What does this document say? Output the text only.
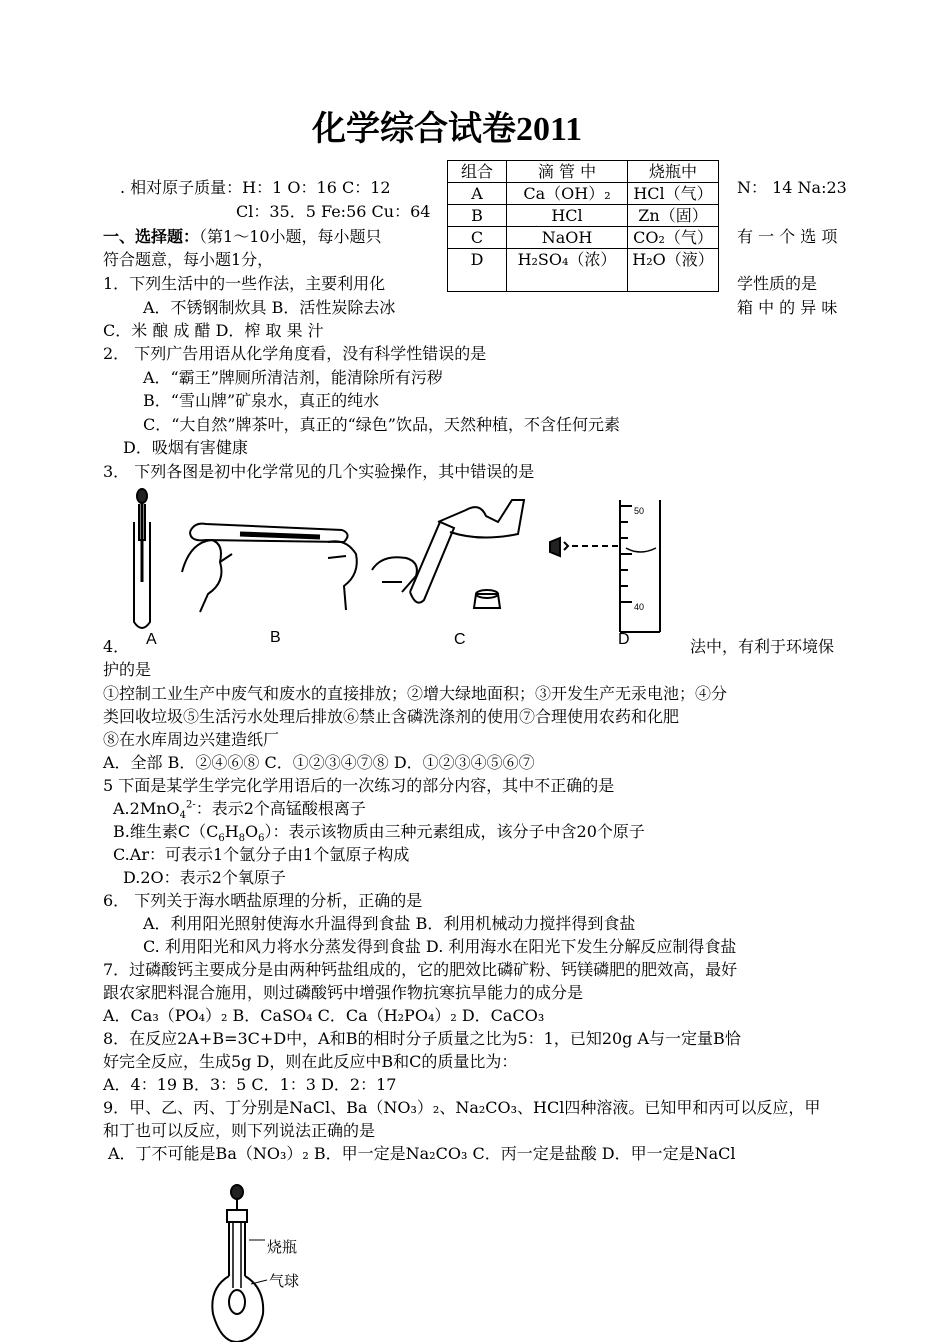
化学综合试卷2011
. 相对原子质量：H：1 O：16 C：12	N： 14 Na:23
Cl：35．5 Fe:56 Cu：64
组合	滴 管 中	烧瓶中
A	Ca（OH）₂	HCl（气）
B	HCl	Zn（固）
C	NaOH	CO₂（气）
D	H₂SO₄（浓）	H₂O（液）
一、选择题：（第1～10小题，每小题只	有 一 个 选 项
符合题意，每小题1分，
1．下列生活中的一些作法，主要利用化	学性质的是
A．不锈钢制炊具 B．活性炭除去冰	箱 中 的 异 味
C．米 酿 成 醋 D．榨 取 果 汁
2． 下列广告用语从化学角度看，没有科学性错误的是
A．“霸王”牌厕所清洁剂，能清除所有污秽
B．“雪山牌”矿泉水，真正的纯水
C．“大自然”牌茶叶，真正的“绿色”饮品，天然种植，不含任何元素
D．吸烟有害健康
3． 下列各图是初中化学常见的几个实验操作，其中错误的是
50
40
A	B	C	D
4．	法中，有利于环境保
护的是
①控制工业生产中废气和废水的直接排放；②增大绿地面积；③开发生产无汞电池；④分
类回收垃圾⑤生活污水处理后排放⑥禁止含磷洗涤剂的使用⑦合理使用农药和化肥
⑧在水库周边兴建造纸厂
A．全部 B．②④⑥⑧ C．①②③④⑦⑧ D．①②③④⑤⑥⑦
5 下面是某学生学完化学用语后的一次练习的部分内容，其中不正确的是
A.2MnO$_4^{2-}$：表示2个高锰酸根离子
B.维生素$C(C_6H_8O_6)$：表示该物质由三种元素组成，该分子中含20个原子
C.Ar：可表示1个氩分子由1个氩原子构成
D.2O：表示2个氧原子
6． 下列关于海水晒盐原理的分析，正确的是
A．利用阳光照射使海水升温得到食盐 B．利用机械动力搅拌得到食盐
C. 利用阳光和风力将水分蒸发得到食盐 D. 利用海水在阳光下发生分解反应制得食盐
7．过磷酸钙主要成分是由两种钙盐组成的，它的肥效比磷矿粉、钙镁磷肥的肥效高，最好
跟农家肥料混合施用，则过磷酸钙中增强作物抗寒抗旱能力的成分是
A．Ca₃（PO₄）₂ B．CaSO₄ C．Ca（H₂PO₄）₂ D．CaCO₃
8．在反应2A+B=3C+D中，A和B的相时分子质量之比为5：1，已知20g A与一定量B恰
好完全反应，生成5g D，则在此反应中B和C的质量比为：
A．4：19 B．3：5 C．1：3 D．2：17
9．甲、乙、丙、丁分别是NaCl、Ba（NO₃）₂、Na₂CO₃、HCl四种溶液。已知甲和丙可以反应，甲
和丁也可以反应，则下列说法正确的是
A．丁不可能是Ba（NO₃）₂ B．甲一定是Na₂CO₃ C．丙一定是盐酸 D．甲一定是NaCl
烧瓶
气球
